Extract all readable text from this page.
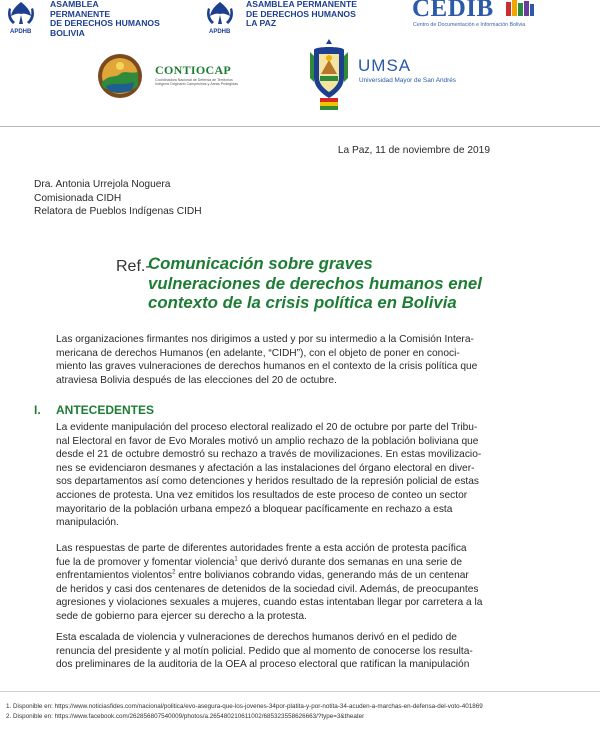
APDHB
ASAMBLEA PERMANENTE
DE DERECHOS HUMANOS
BOLIVIA	APDHB
ASAMBLEA PERMANENTE
DE DERECHOS HUMANOS
LA PAZ
CEDIB
Centro de Documentación e Información Bolivia
CONTIOCAP
Coordinadora Nacional de Defensa de Territorios
Indígena Originario Campesinos y Áreas Protegidas
UMSA
Universidad Mayor de San Andrés
La Paz, 11 de noviembre de 2019
Dra. Antonia Urrejola Noguera
Comisionada CIDH
Relatora de Pueblos Indígenas CIDH
Ref.-
Comunicación sobre graves
vulneraciones de derechos humanos enel
contexto de la crisis política en Bolivia
Las organizaciones firmantes nos dirigimos a usted y por su intermedio a la Comisión Intera-
mericana de derechos Humanos (en adelante, “CIDH”), con el objeto de poner en conoci-
miento las graves vulneraciones de derechos humanos en el contexto de la crisis política que
atraviesa Bolivia después de las elecciones del 20 de octubre.
I. ANTECEDENTES
La evidente manipulación del proceso electoral realizado el 20 de octubre por parte del Tribu-
nal Electoral en favor de Evo Morales motivó un amplio rechazo de la población boliviana que
desde el 21 de octubre demostró su rechazo a través de movilizaciones. En estas movilizacio-
nes se evidenciaron desmanes y afectación a las instalaciones del órgano electoral en diver-
sos departamentos así como detenciones y heridos resultado de la represión policial de estas
acciones de protesta. Una vez emitidos los resultados de este proceso de conteo un sector
mayoritario de la población urbana empezó a bloquear pacíficamente en rechazo a esta
manipulación.
Las respuestas de parte de diferentes autoridades frente a esta acción de protesta pacífica
fue la de promover y fomentar violencia$^1$ que derivó durante dos semanas en una serie de
enfrentamientos violentos$^2$ entre bolivianos cobrando vidas, generando más de un centenar
de heridos y casi dos centenares de detenidos de la sociedad civil. Además, de preocupantes
agresiones y violaciones sexuales a mujeres, cuando estas intentaban llegar por carretera a la
sede de gobierno para ejercer su derecho a la protesta.
Esta escalada de violencia y vulneraciones de derechos humanos derivó en el pedido de
renuncia del presidente y al motín policial. Pedido que al momento de conocerse los resulta-
dos preliminares de la auditoria de la OEA al proceso electoral que ratifican la manipulación
1. Disponible en: https://www.noticiasfides.com/nacional/politica/evo-asegura-que-los-jovenes-34por-platita-y-por-notita-34-acuden-a-marchas-en-defensa-del-voto-401869
2. Disponible en: https://www.facebook.com/262856807540009/photos/a.265480210611002/685323558626663/?type=3&theater
